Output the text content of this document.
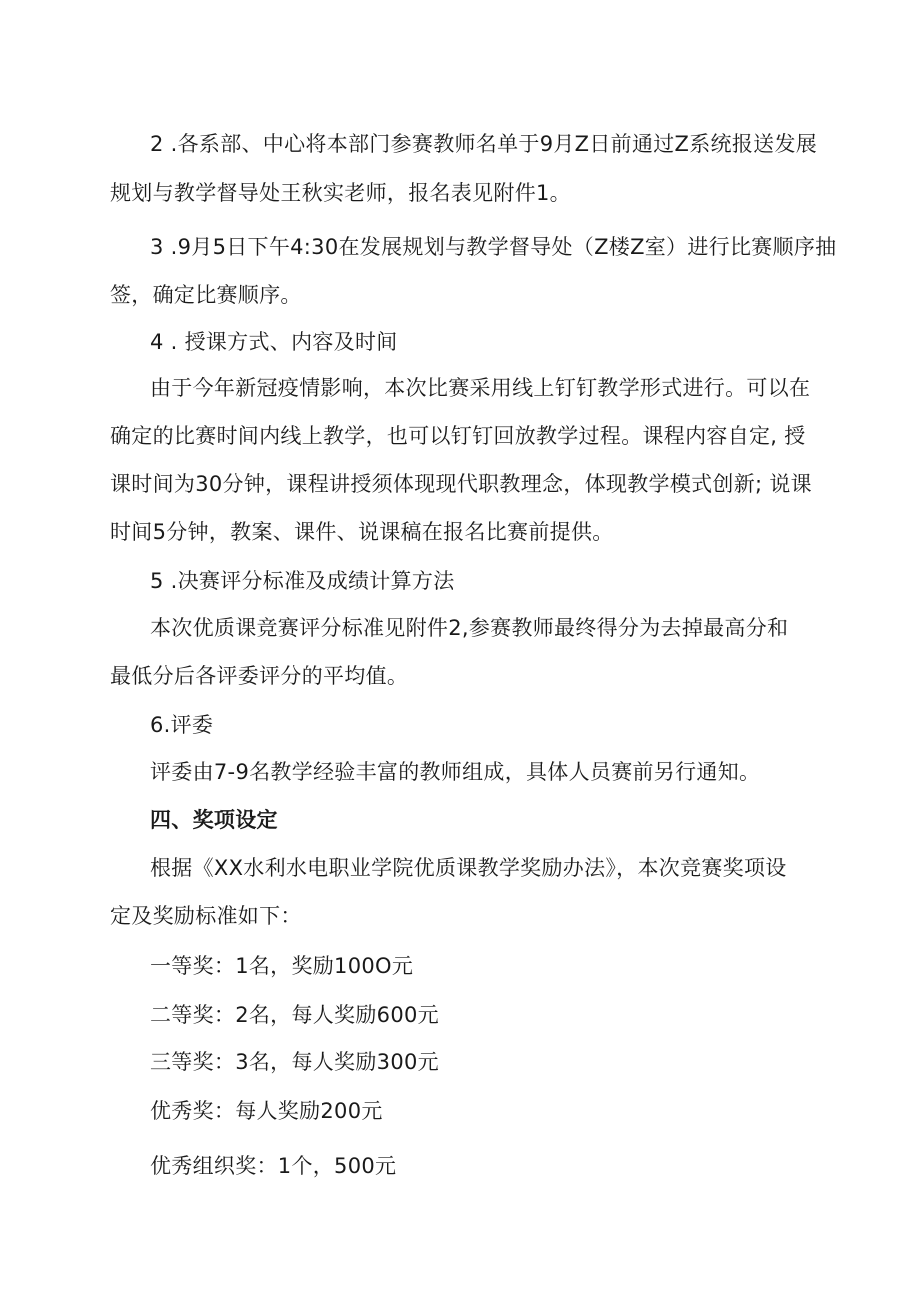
2 .各系部、中心将本部门参赛教师名单于9月Z日前通过Z系统报送发展
规划与教学督导处王秋实老师，报名表见附件1。
3 .9月5日下午4:30在发展规划与教学督导处（Z楼Z室）进行比赛顺序抽
签，确定比赛顺序。
4 . 授课方式、内容及时间
由于今年新冠疫情影响，本次比赛采用线上钉钉教学形式进行。可以在
确定的比赛时间内线上教学，也可以钉钉回放教学过程。课程内容自定, 授
课时间为30分钟，课程讲授须体现现代职教理念，体现教学模式创新; 说课
时间5分钟，教案、课件、说课稿在报名比赛前提供。
5 .决赛评分标准及成绩计算方法
本次优质课竞赛评分标准见附件2,参赛教师最终得分为去掉最高分和
最低分后各评委评分的平均值。
6.评委
评委由7-9名教学经验丰富的教师组成，具体人员赛前另行通知。
四、奖项设定
根据《XX水利水电职业学院优质课教学奖励办法》，本次竞赛奖项设
定及奖励标准如下：
一等奖：1名，奖励100O元
二等奖：2名，每人奖励600元
三等奖：3名，每人奖励300元
优秀奖：每人奖励200元
优秀组织奖：1个，500元
